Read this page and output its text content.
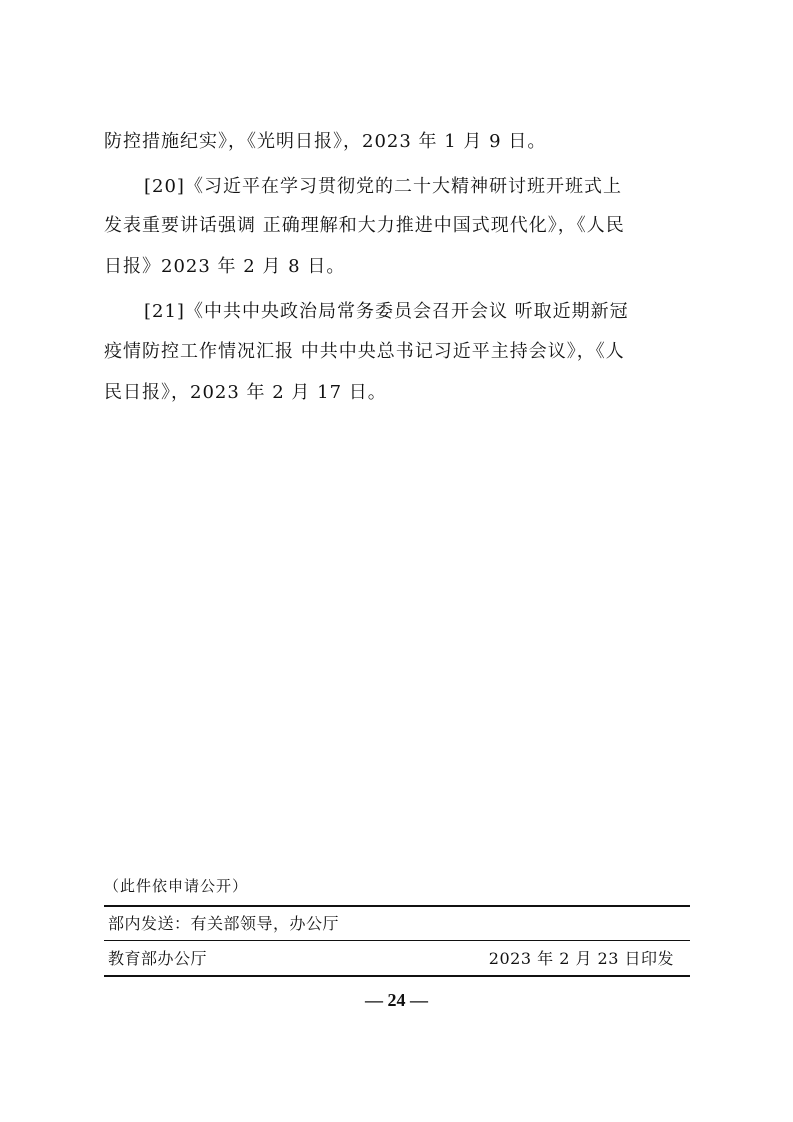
防控措施纪实》，《光明日报》，2023 年 1 月 9 日。
[20]《习近平在学习贯彻党的二十大精神研讨班开班式上
发表重要讲话强调 正确理解和大力推进中国式现代化》，《人民
日报》2023 年 2 月 8 日。
[21]《中共中央政治局常务委员会召开会议 听取近期新冠
疫情防控工作情况汇报 中共中央总书记习近平主持会议》，《人
民日报》，2023 年 2 月 17 日。
（此件依申请公开）
部内发送：有关部领导，办公厅
教育部办公厅	2023 年 2 月 23 日印发
— 24 —
